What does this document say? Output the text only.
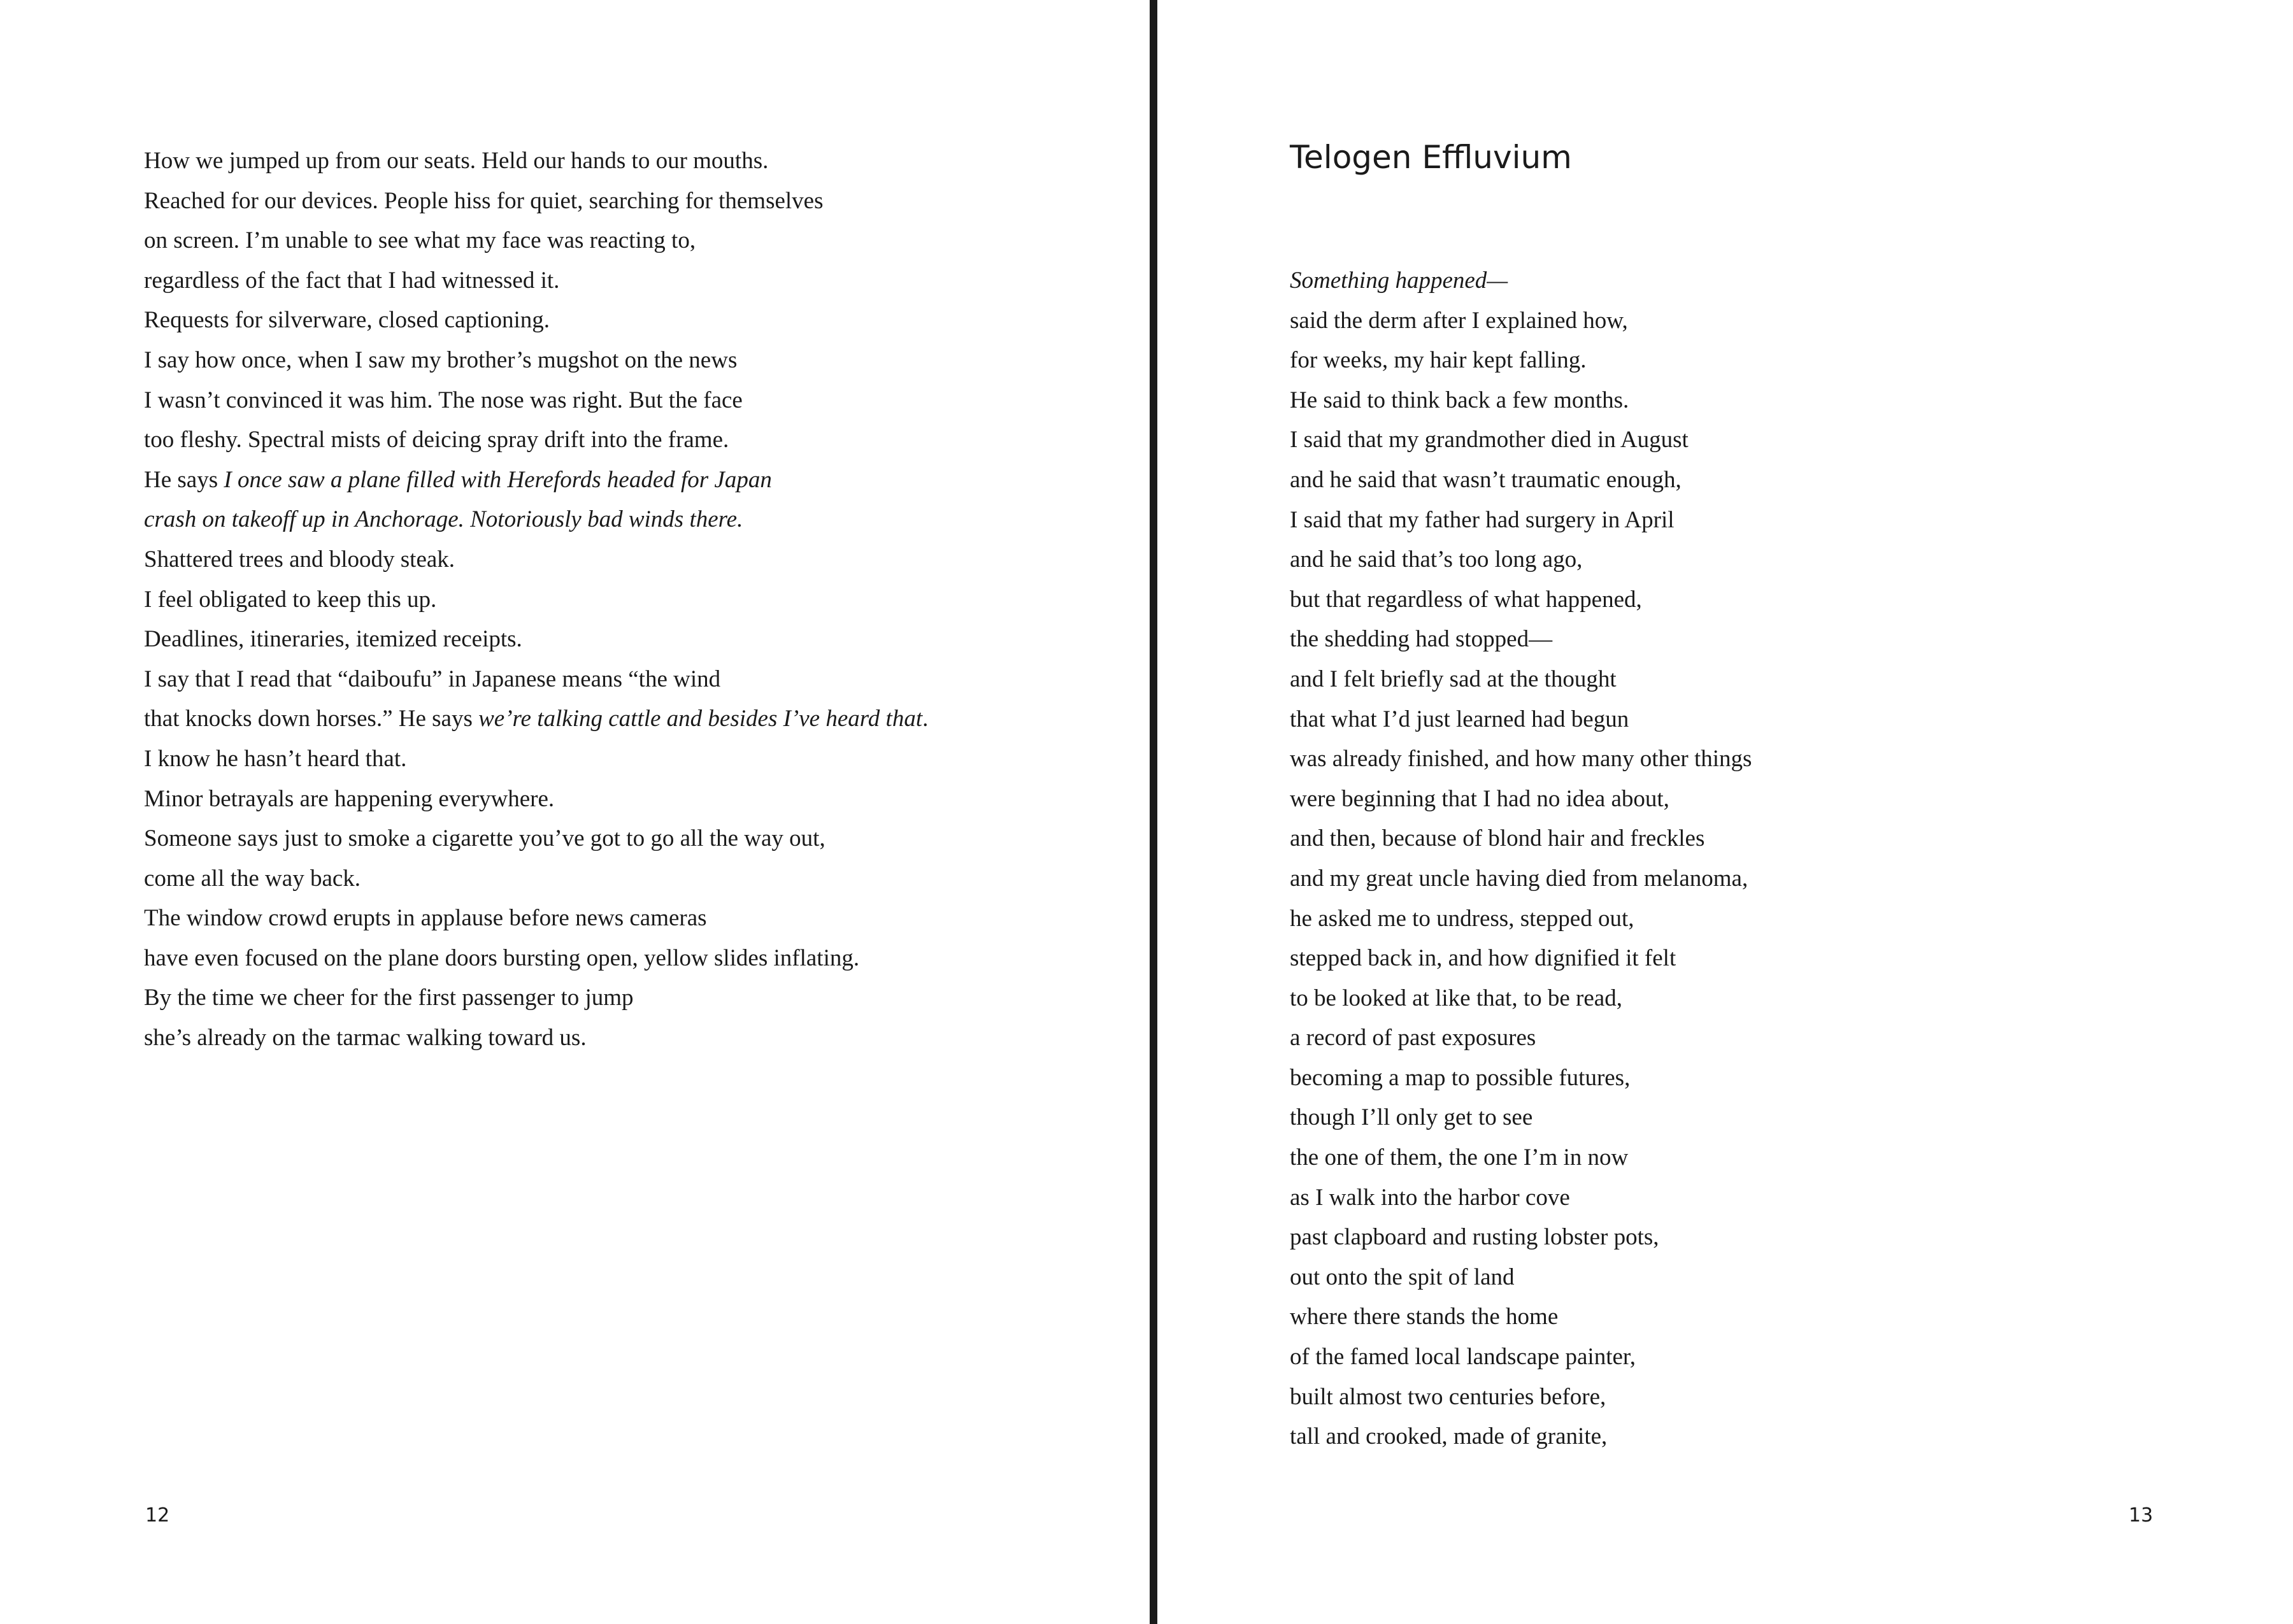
How we jumped up from our seats. Held our hands to our mouths.
Reached for our devices. People hiss for quiet, searching for themselves
on screen. I’m unable to see what my face was reacting to,
regardless of the fact that I had witnessed it.
Requests for silverware, closed captioning.
I say how once, when I saw my brother’s mugshot on the news
I wasn’t convinced it was him. The nose was right. But the face
too fleshy. Spectral mists of deicing spray drift into the frame.
He says I once saw a plane filled with Herefords headed for Japan
crash on takeoff up in Anchorage. Notoriously bad winds there.
Shattered trees and bloody steak.
I feel obligated to keep this up.
Deadlines, itineraries, itemized receipts.
I say that I read that “daiboufu” in Japanese means “the wind
that knocks down horses.” He says we’re talking cattle and besides I’ve heard that.
I know he hasn’t heard that.
Minor betrayals are happening everywhere.
Someone says just to smoke a cigarette you’ve got to go all the way out,
come all the way back.
The window crowd erupts in applause before news cameras
have even focused on the plane doors bursting open, yellow slides inflating.
By the time we cheer for the first passenger to jump
she’s already on the tarmac walking toward us.
12
Telogen Effluvium
Something happened—
said the derm after I explained how,
for weeks, my hair kept falling.
He said to think back a few months.
I said that my grandmother died in August
and he said that wasn’t traumatic enough,
I said that my father had surgery in April
and he said that’s too long ago,
but that regardless of what happened,
the shedding had stopped—
and I felt briefly sad at the thought
that what I’d just learned had begun
was already finished, and how many other things
were beginning that I had no idea about,
and then, because of blond hair and freckles
and my great uncle having died from melanoma,
he asked me to undress, stepped out,
stepped back in, and how dignified it felt
to be looked at like that, to be read,
a record of past exposures
becoming a map to possible futures,
though I’ll only get to see
the one of them, the one I’m in now
as I walk into the harbor cove
past clapboard and rusting lobster pots,
out onto the spit of land
where there stands the home
of the famed local landscape painter,
built almost two centuries before,
tall and crooked, made of granite,
13
